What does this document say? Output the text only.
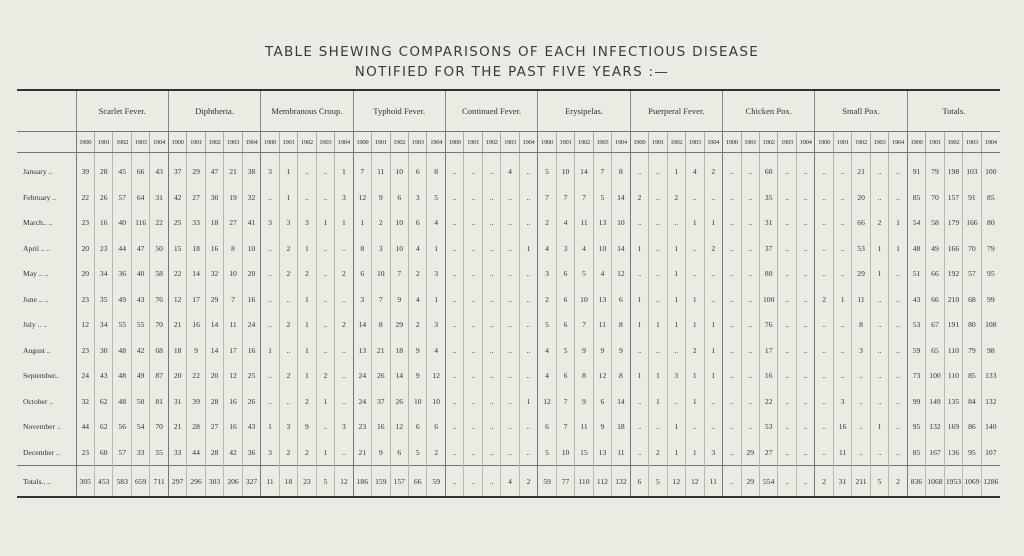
TABLE SHEWING COMPARISONS OF EACH INFECTIOUS DISEASE
NOTIFIED FOR THE PAST FIVE YEARS :—
	Scarlet Fever.					Diphtheria.					Membranous Croup.					Typhoid Fever.					Continued Fever.					Erysipelas.					Puerperal Fever.					Chicken Pox.					Small Pox.					Totals.				
	1900	1901	1902	1903	1904	1900	1901	1902	1903	1904	1900	1901	1902	1903	1904	1900	1901	1902	1903	1904	1900	1901	1902	1903	1904	1900	1901	1902	1903	1904	1900	1901	1902	1903	1904	1900	1901	1902	1903	1904	1900	1901	1902	1903	1904	1900	1901	1902	1903	1904
January ..	39	28	45	66	43	37	29	47	21	38	3	1	..	..	1	7	11	10	6	8	..	..	..	4	..	5	10	14	7	8	..	..	1	4	2	..	..	60	..	..	..	..	21	..	..	91	79	198	103	100
February ..	22	26	57	64	31	42	27	30	19	32	..	1	..	..	3	12	9	6	3	5	..	..	..	..	..	7	7	7	5	14	2	..	2	..	..	..	..	35	..	..	..	..	20	..	..	85	70	157	91	85
March.. ..	23	16	40	116	22	25	33	18	27	41	3	3	3	1	1	1	2	10	6	4	..	..	..	..	..	2	4	11	13	10	..	..	..	1	1	..	..	31	..	..	..	..	66	2	1	54	58	179	166	80
April .. ..	20	23	44	47	50	15	18	16	8	10	..	2	1	..	..	8	3	10	4	1	..	..	..	..	1	4	3	4	10	14	1	..	1	..	2	..	..	37	..	..	..	..	53	1	1	48	49	166	70	79
May .. ..	20	34	36	40	58	22	14	32	10	20	..	2	2	..	2	6	10	7	2	3	..	..	..	..	..	3	6	5	4	12	..	..	1	..	..	..	..	80	..	..	..	..	29	1	..	51	66	192	57	95
June .. ..	23	35	49	43	76	12	17	29	7	16	..	..	1	..	..	3	7	9	4	1	..	..	..	..	..	2	6	10	13	6	1	..	1	1	..	..	..	100	..	..	2	1	11	..	..	43	66	210	68	99
July .. ..	12	34	55	55	70	21	16	14	11	24	..	2	1	..	2	14	8	29	2	3	..	..	..	..	..	5	6	7	11	8	1	1	1	1	1	..	..	76	..	..	..	..	8	..	..	53	67	191	80	108
August ..	23	30	48	42	68	18	9	14	17	16	1	..	1	..	..	13	21	18	9	4	..	..	..	..	..	4	5	9	9	9	..	..	..	2	1	..	..	17	..	..	..	..	3	..	..	59	65	110	79	98
September..	24	43	48	49	87	20	22	20	12	25	..	2	1	2	..	24	26	14	9	12	..	..	..	..	..	4	6	8	12	8	1	1	3	1	1	..	..	16	..	..	..	..	..	..	..	73	100	110	85	133
October ..	32	62	48	50	81	31	39	28	16	26	..	..	2	1	..	24	37	26	10	10	..	..	..	..	1	12	7	9	6	14	..	1	..	1	..	..	..	22	..	..	..	3	..	..	..	99	149	135	84	132
November ..	44	62	56	54	70	21	28	27	16	43	1	3	9	..	3	23	16	12	6	6	..	..	..	..	..	6	7	11	9	18	..	..	1	..	..	..	..	53	..	..	..	16	..	1	..	95	132	169	86	140
December ..	23	60	57	33	55	33	44	28	42	36	3	2	2	1	..	21	9	6	5	2	..	..	..	..	..	5	10	15	13	11	..	2	1	1	3	..	29	27	..	..	..	11	..	..	..	85	167	136	95	107
Totals.. ..	305	453	583	659	711	297	296	303	206	327	11	18	23	5	12	186	159	157	66	59	..	..	..	4	2	59	77	110	112	132	6	5	12	12	11	..	29	554	..	..	2	31	211	5	2	836	1068	1953	1069	1286
